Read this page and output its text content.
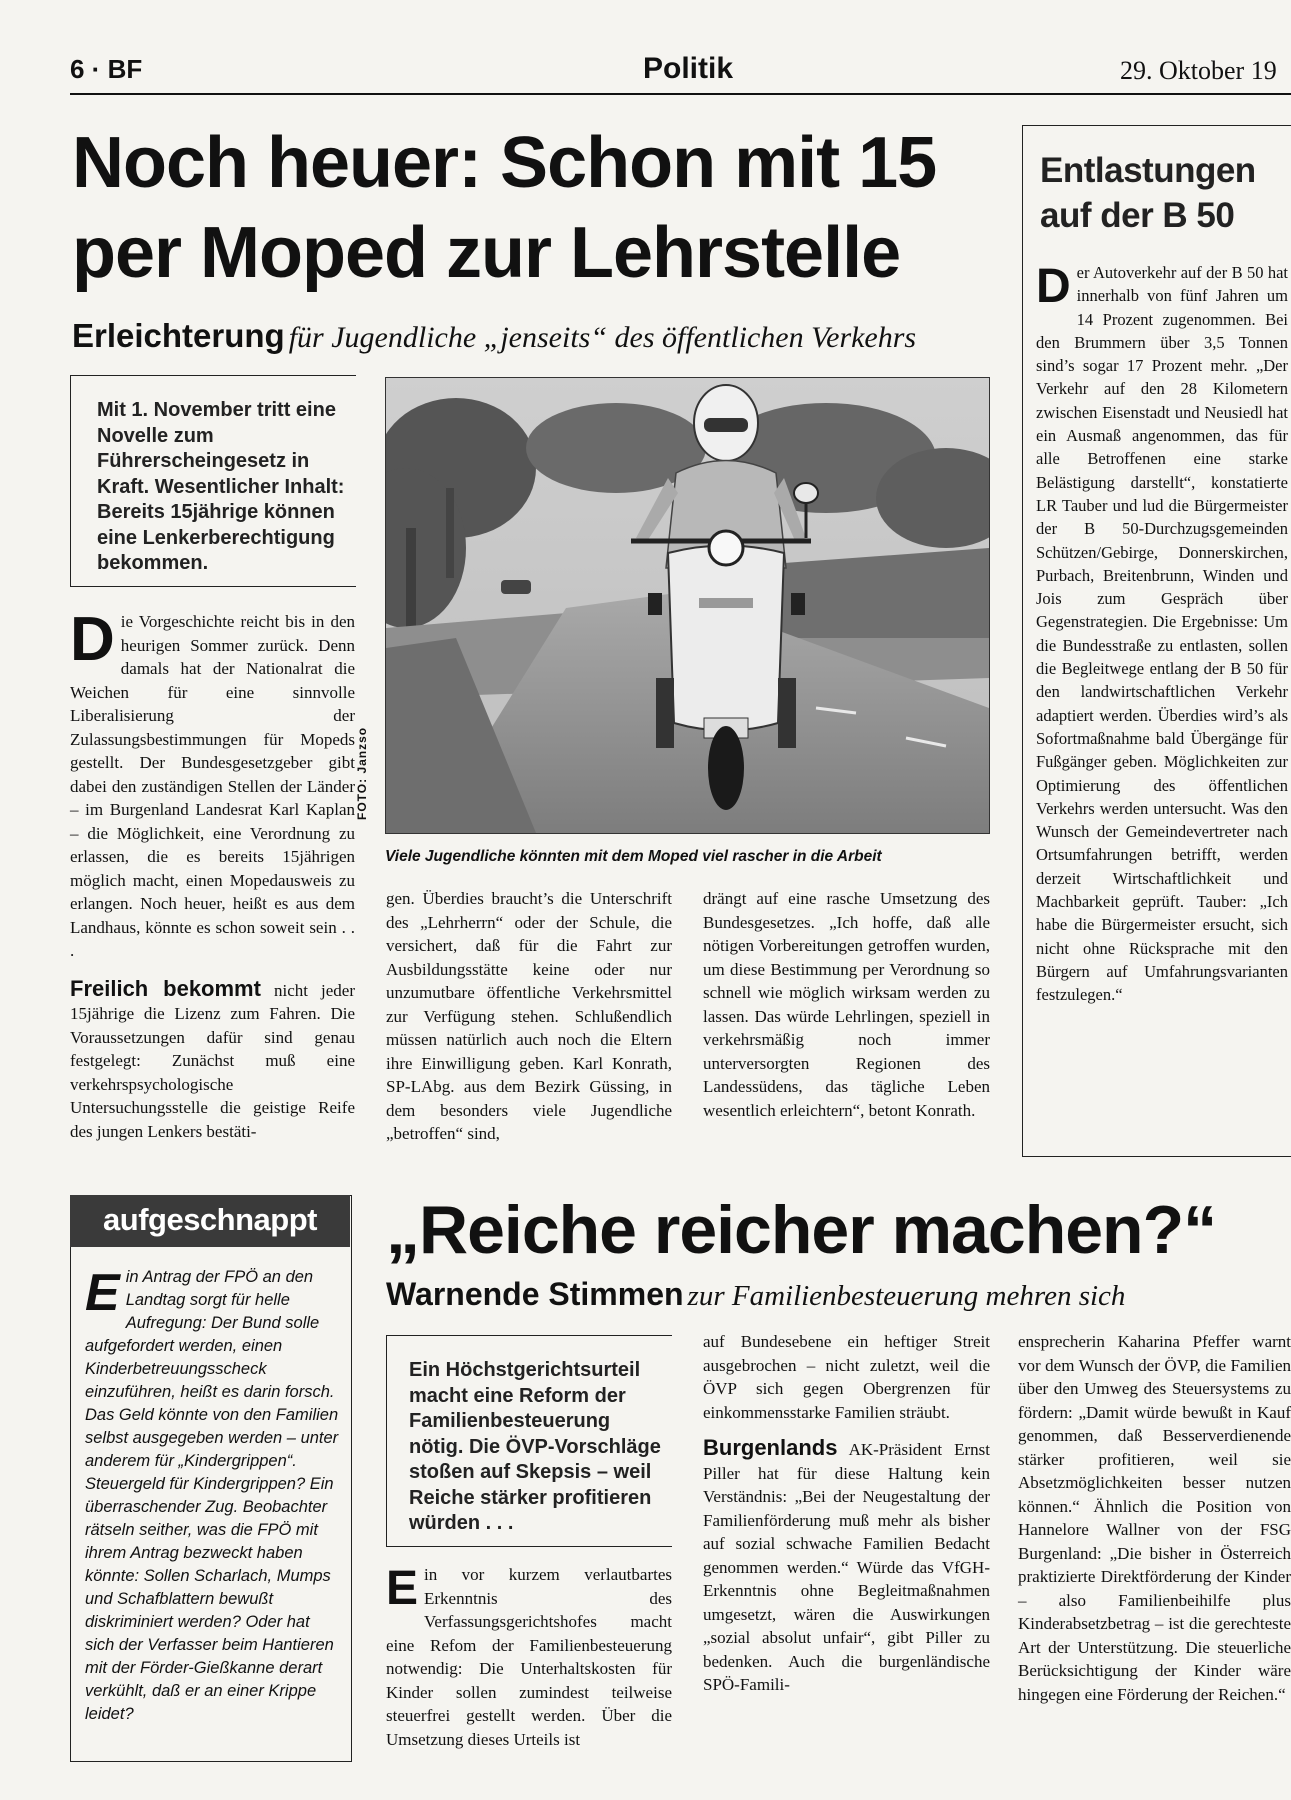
6 · BF	Politik	29. Oktober 19
Noch heuer: Schon mit 15
per Moped zur Lehrstelle
Erleichterung für Jugendliche „jenseits“ des öffentlichen Verkehrs
Mit 1. November tritt eine Novelle zum Führerscheingesetz in Kraft. Wesentlicher Inhalt: Bereits 15jährige können eine Lenkerberechtigung bekommen.

Die Vorgeschichte reicht bis in den heurigen Sommer zurück. Denn damals hat der Nationalrat die Weichen für eine sinnvolle Liberalisierung der Zulassungsbestimmungen für Mopeds gestellt. Der Bundesgesetzgeber gibt dabei den zuständigen Stellen der Länder – im Burgenland Landesrat Karl Kaplan – die Möglichkeit, eine Verordnung zu erlassen, die es bereits 15jährigen möglich macht, einen Mopedausweis zu erlangen. Noch heuer, heißt es aus dem Landhaus, könnte es schon soweit sein . . .

Freilich bekommt nicht jeder 15jährige die Lizenz zum Fahren. Die Voraussetzungen dafür sind genau festgelegt: Zunächst muß eine verkehrspsychologische Untersuchungsstelle die geistige Reife des jungen Lenkers bestäti-

FOTO: Janzso
Viele Jugendliche könnten mit dem Moped viel rascher in die Arbeit
gen. Überdies braucht’s die Unterschrift des „Lehrherrn“ oder der Schule, die versichert, daß für die Fahrt zur Ausbildungsstätte keine oder nur unzumutbare öffentliche Verkehrsmittel zur Verfügung stehen. Schlußendlich müssen natürlich auch noch die Eltern ihre Einwilligung geben. Karl Konrath, SP-LAbg. aus dem Bezirk Güssing, in dem besonders viele Jugendliche „betroffen“ sind,
drängt auf eine rasche Umsetzung des Bundesgesetzes. „Ich hoffe, daß alle nötigen Vorbereitungen getroffen wurden, um diese Bestimmung per Verordnung so schnell wie möglich wirksam werden zu lassen. Das würde Lehrlingen, speziell in verkehrsmäßig noch immer unterversorgten Regionen des Landessüdens, das tägliche Leben wesentlich erleichtern“, betont Konrath.
Entlastungen
auf der B 50
Der Autoverkehr auf der B 50 hat innerhalb von fünf Jahren um 14 Prozent zugenommen. Bei den Brummern über 3,5 Tonnen sind’s sogar 17 Prozent mehr. „Der Verkehr auf den 28 Kilometern zwischen Eisenstadt und Neusiedl hat ein Ausmaß angenommen, das für alle Betroffenen eine starke Belästigung darstellt“, konstatierte LR Tauber und lud die Bürgermeister der B 50-Durchzugsgemeinden Schützen/Gebirge, Donnerskirchen, Purbach, Breitenbrunn, Winden und Jois zum Gespräch über Gegenstrategien. Die Ergebnisse: Um die Bundesstraße zu entlasten, sollen die Begleitwege entlang der B 50 für den landwirtschaftlichen Verkehr adaptiert werden. Überdies wird’s als Sofortmaßnahme bald Übergänge für Fußgänger geben. Möglichkeiten zur Optimierung des öffentlichen Verkehrs werden untersucht. Was den Wunsch der Gemeindevertreter nach Ortsumfahrungen betrifft, werden derzeit Wirtschaftlichkeit und Machbarkeit geprüft. Tauber: „Ich habe die Bürgermeister ersucht, sich nicht ohne Rücksprache mit den Bürgern auf Umfahrungsvarianten festzulegen.“
aufgeschnappt
Ein Antrag der FPÖ an den Landtag sorgt für helle Aufregung: Der Bund solle aufgefordert werden, einen Kinderbetreuungsscheck einzuführen, heißt es darin forsch. Das Geld könnte von den Familien selbst ausgegeben werden – unter anderem für „Kindergrippen“. Steuergeld für Kindergrippen? Ein überraschender Zug. Beobachter rätseln seither, was die FPÖ mit ihrem Antrag bezweckt haben könnte: Sollen Scharlach, Mumps und Schafblattern bewußt diskriminiert werden? Oder hat sich der Verfasser beim Hantieren mit der Förder-Gießkanne derart verkühlt, daß er an einer Krippe leidet?
„Reiche reicher machen?“
Warnende Stimmen zur Familienbesteuerung mehren sich
Ein Höchstgerichtsurteil macht eine Reform der Familienbesteuerung nötig. Die ÖVP-Vorschläge stoßen auf Skepsis – weil Reiche stärker profitieren würden . . .
Ein vor kurzem verlautbartes Erkenntnis des Verfassungsgerichtshofes macht eine Refom der Familienbesteuerung notwendig: Die Unterhaltskosten für Kinder sollen zumindest teilweise steuerfrei gestellt werden. Über die Umsetzung dieses Urteils ist

auf Bundesebene ein heftiger Streit ausgebrochen – nicht zuletzt, weil die ÖVP sich gegen Obergrenzen für einkommensstarke Familien sträubt.

Burgenlands AK-Präsident Ernst Piller hat für diese Haltung kein Verständnis: „Bei der Neugestaltung der Familienförderung muß mehr als bisher auf sozial schwache Familien Bedacht genommen werden.“ Würde das VfGH-Erkenntnis ohne Begleitmaßnahmen umgesetzt, wären die Auswirkungen „sozial absolut unfair“, gibt Piller zu bedenken. Auch die burgenländische SPÖ-Famili-

ensprecherin Kaharina Pfeffer warnt vor dem Wunsch der ÖVP, die Familien über den Umweg des Steuersystems zu fördern: „Damit würde bewußt in Kauf genommen, daß Besserverdienende stärker profitieren, weil sie Absetzmöglichkeiten besser nutzen können.“ Ähnlich die Position von Hannelore Wallner von der FSG Burgenland: „Die bisher in Österreich praktizierte Direktförderung der Kinder – also Familienbeihilfe plus Kinderabsetzbetrag – ist die gerechteste Art der Unterstützung. Die steuerliche Berücksichtigung der Kinder wäre hingegen eine Förderung der Reichen.“
